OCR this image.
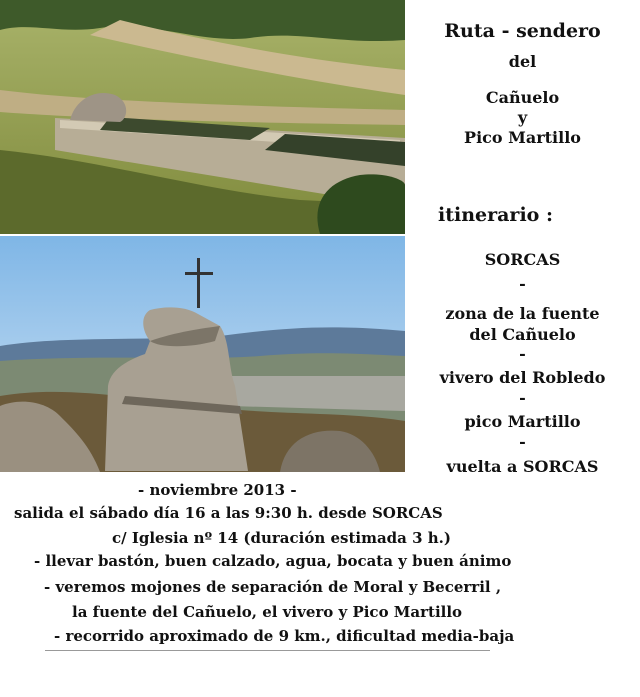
Ruta - sendero
del
Cañuelo
y
Pico Martillo
itinerario :
SORCAS
-
zona de la fuente
del Cañuelo
-
vivero del Robledo
-
pico Martillo
-
vuelta a SORCAS
- noviembre 2013 -
salida el sábado día 16 a las 9:30 h. desde SORCAS
c/ Iglesia nº 14 (duración estimada 3 h.)
- llevar bastón, buen calzado, agua, bocata y buen ánimo
- veremos mojones de separación de Moral y Becerril ,
la fuente del Cañuelo, el vivero y Pico Martillo
- recorrido aproximado de 9 km., dificultad media-baja
